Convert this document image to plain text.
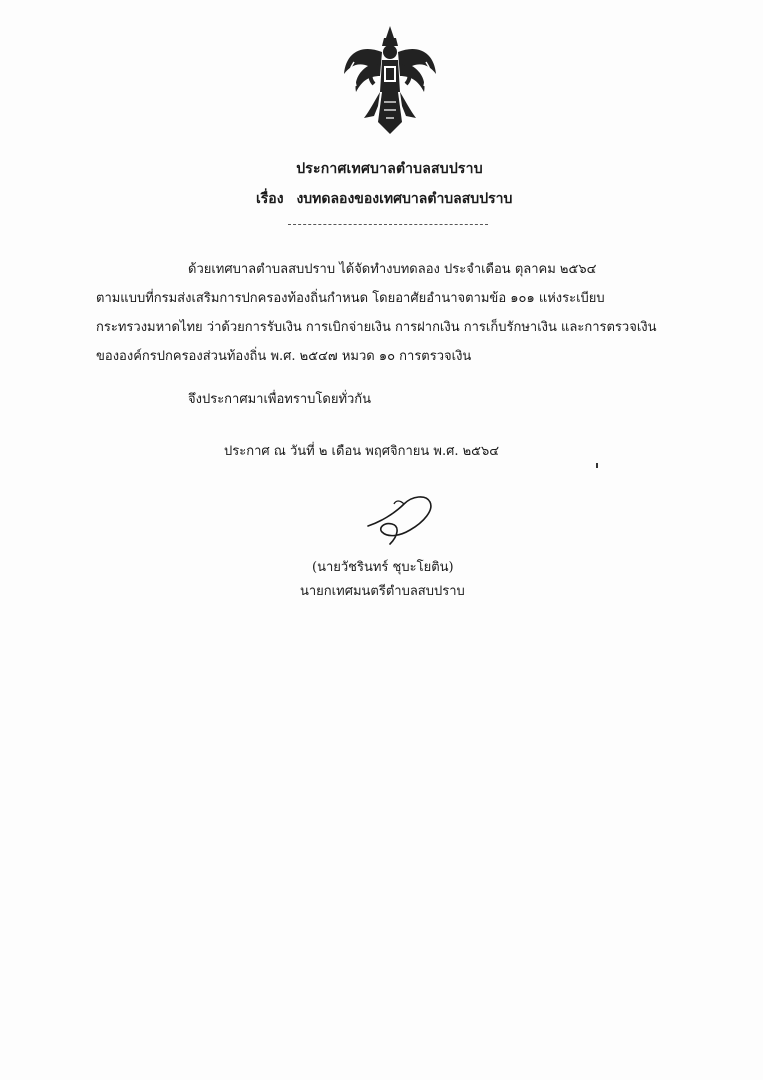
ประกาศเทศบาลตำบลสบปราบ
เรื่อง งบทดลองของเทศบาลตำบลสบปราบ
ด้วยเทศบาลตำบลสบปราบ ได้จัดทำงบทดลอง ประจำเดือน ตุลาคม ๒๕๖๔
ตามแบบที่กรมส่งเสริมการปกครองท้องถิ่นกำหนด โดยอาศัยอำนาจตามข้อ ๑๐๑ แห่งระเบียบ
กระทรวงมหาดไทย ว่าด้วยการรับเงิน การเบิกจ่ายเงิน การฝากเงิน การเก็บรักษาเงิน และการตรวจเงิน
ขององค์กรปกครองส่วนท้องถิ่น พ.ศ. ๒๕๔๗ หมวด ๑๐ การตรวจเงิน
จึงประกาศมาเพื่อทราบโดยทั่วกัน
ประกาศ ณ วันที่ ๒ เดือน พฤศจิกายน พ.ศ. ๒๕๖๔
(นายวัชรินทร์ ชุบะโยติน)
นายกเทศมนตรีตำบลสบปราบ
